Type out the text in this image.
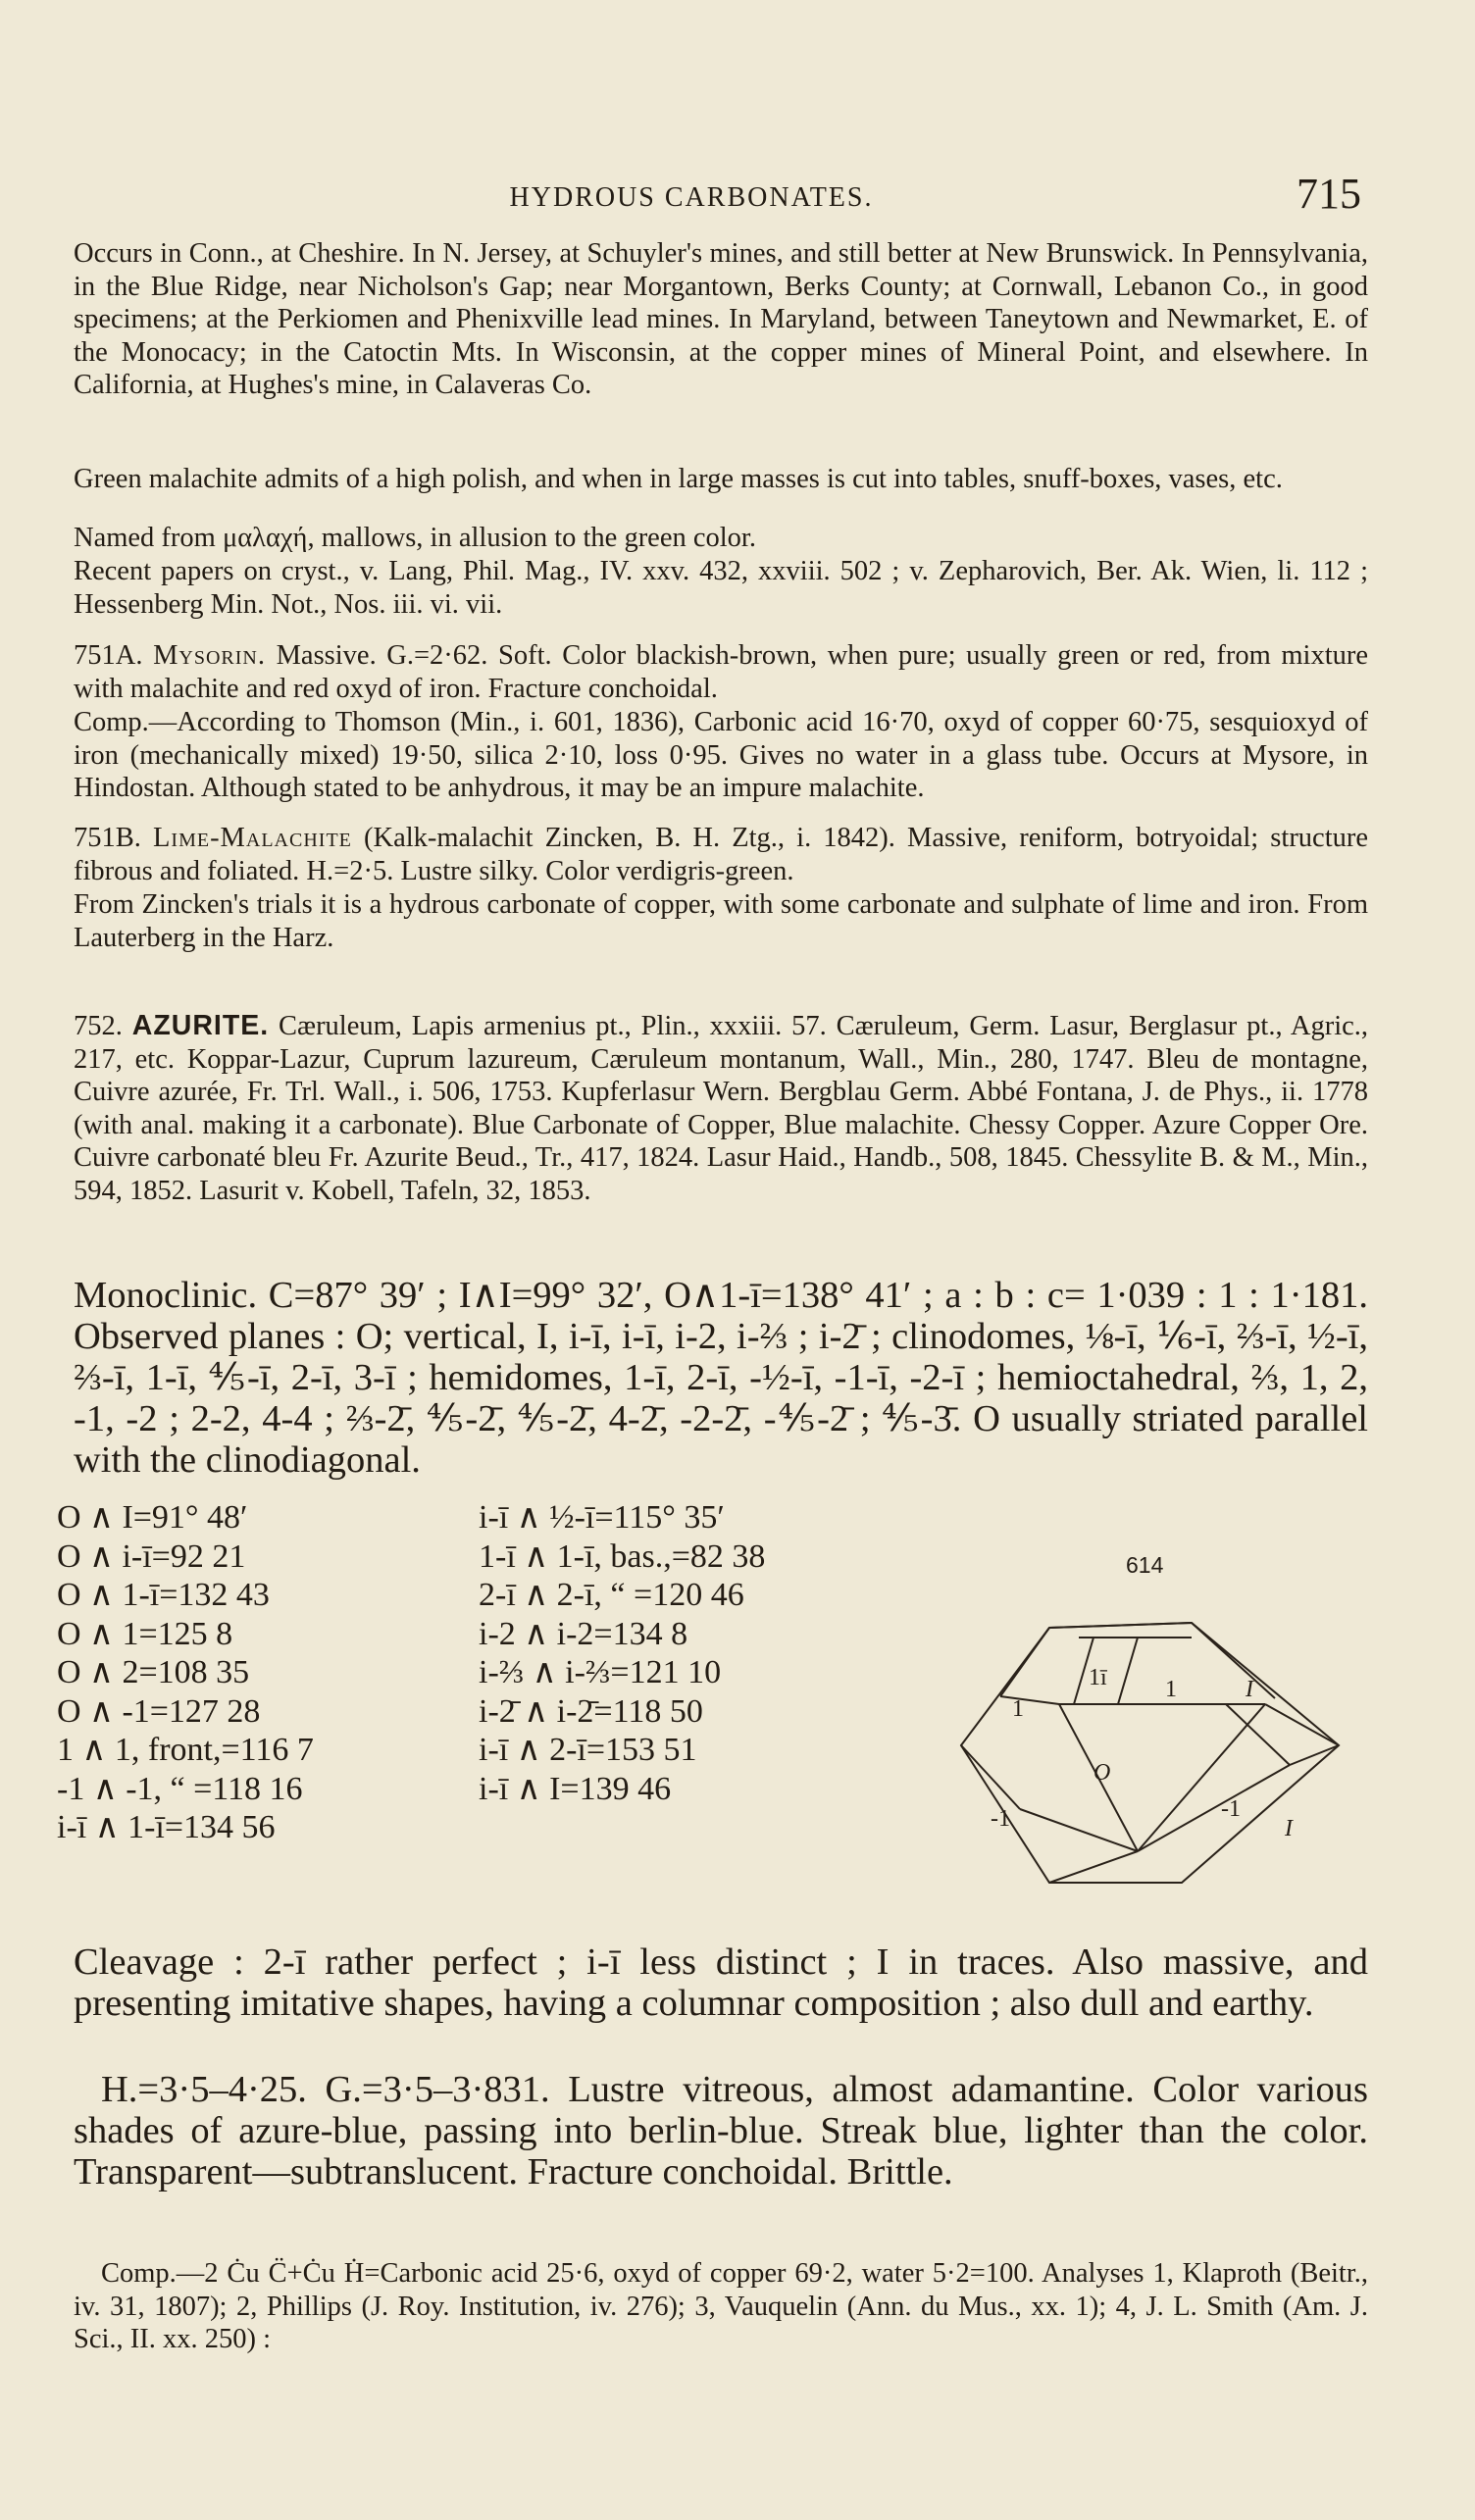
HYDROUS CARBONATES.	715
Occurs in Conn., at Cheshire. In N. Jersey, at Schuyler's mines, and still better at New Brunswick. In Pennsylvania, in the Blue Ridge, near Nicholson's Gap; near Morgantown, Berks County; at Cornwall, Lebanon Co., in good specimens; at the Perkiomen and Phenixville lead mines. In Maryland, between Taneytown and Newmarket, E. of the Monocacy; in the Catoctin Mts. In Wisconsin, at the copper mines of Mineral Point, and elsewhere. In California, at Hughes's mine, in Calaveras Co.
Green malachite admits of a high polish, and when in large masses is cut into tables, snuff-boxes, vases, etc.
Named from μαλαχή, mallows, in allusion to the green color.
Recent papers on cryst., v. Lang, Phil. Mag., IV. xxv. 432, xxviii. 502 ; v. Zepharovich, Ber. Ak. Wien, li. 112 ; Hessenberg Min. Not., Nos. iii. vi. vii.
751A. Mysorin. Massive. G.=2·62. Soft. Color blackish-brown, when pure; usually green or red, from mixture with malachite and red oxyd of iron. Fracture conchoidal.
Comp.—According to Thomson (Min., i. 601, 1836), Carbonic acid 16·70, oxyd of copper 60·75, sesquioxyd of iron (mechanically mixed) 19·50, silica 2·10, loss 0·95. Gives no water in a glass tube. Occurs at Mysore, in Hindostan. Although stated to be anhydrous, it may be an impure malachite.
751B. Lime-Malachite (Kalk-malachit Zincken, B. H. Ztg., i. 1842). Massive, reniform, botryoidal; structure fibrous and foliated. H.=2·5. Lustre silky. Color verdigris-green.
From Zincken's trials it is a hydrous carbonate of copper, with some carbonate and sulphate of lime and iron. From Lauterberg in the Harz.
752. AZURITE. Cæruleum, Lapis armenius pt., Plin., xxxiii. 57. Cæruleum, Germ. Lasur, Berglasur pt., Agric., 217, etc. Koppar-Lazur, Cuprum lazureum, Cæruleum montanum, Wall., Min., 280, 1747. Bleu de montagne, Cuivre azurée, Fr. Trl. Wall., i. 506, 1753. Kupferlasur Wern. Bergblau Germ. Abbé Fontana, J. de Phys., ii. 1778 (with anal. making it a carbonate). Blue Carbonate of Copper, Blue malachite. Chessy Copper. Azure Copper Ore. Cuivre carbonaté bleu Fr. Azurite Beud., Tr., 417, 1824. Lasur Haid., Handb., 508, 1845. Chessylite B. & M., Min., 594, 1852. Lasurit v. Kobell, Tafeln, 32, 1853.
Monoclinic. C=87° 39′ ; I∧I=99° 32′, O∧1-ī=138° 41′ ; a : b : c= 1·039 : 1 : 1·181. Observed planes : O; vertical, I, i-ī, i-ī, i-2, i-⅔ ; i-2̄ ; clinodomes, ⅛-ī, ⅙-ī, ⅔-ī, ½-ī, ⅔-ī, 1-ī, ⅘-ī, 2-ī, 3-ī ; hemidomes, 1-ī, 2-ī, -½-ī, -1-ī, -2-ī ; hemioctahedral, ⅔, 1, 2, -1, -2 ; 2-2, 4-4 ; ⅔-2̄, ⅘-2̄, ⅘-2̄, 4-2̄, -2-2̄, -⅘-2̄ ; ⅘-3̄. O usually striated parallel with the clinodiagonal.
O ∧ I=91° 48′
O ∧ i-ī=92 21
O ∧ 1-ī=132 43
O ∧ 1=125 8
O ∧ 2=108 35
O ∧ -1=127 28
1 ∧ 1, front,=116 7
-1 ∧ -1, “ =118 16
i-ī ∧ 1-ī=134 56
i-ī ∧ ½-ī=115° 35′
1-ī ∧ 1-ī, bas.,=82 38
2-ī ∧ 2-ī, “ =120 46
i-2 ∧ i-2=134 8
i-⅔ ∧ i-⅔=121 10
i-2̄ ∧ i-2̄=118 50
i-ī ∧ 2-ī=153 51
i-ī ∧ I=139 46
614
1ī 1
1
O
-1	-1
I
I
Cleavage : 2-ī rather perfect ; i-ī less distinct ; I in traces. Also massive, and presenting imitative shapes, having a columnar composition ; also dull and earthy.
H.=3·5–4·25. G.=3·5–3·831. Lustre vitreous, almost adamantine. Color various shades of azure-blue, passing into berlin-blue. Streak blue, lighter than the color. Transparent—subtranslucent. Fracture conchoidal. Brittle.
Comp.—2 Ċu C̈+Ċu Ḣ=Carbonic acid 25·6, oxyd of copper 69·2, water 5·2=100. Analyses 1, Klaproth (Beitr., iv. 31, 1807); 2, Phillips (J. Roy. Institution, iv. 276); 3, Vauquelin (Ann. du Mus., xx. 1); 4, J. L. Smith (Am. J. Sci., II. xx. 250) :
